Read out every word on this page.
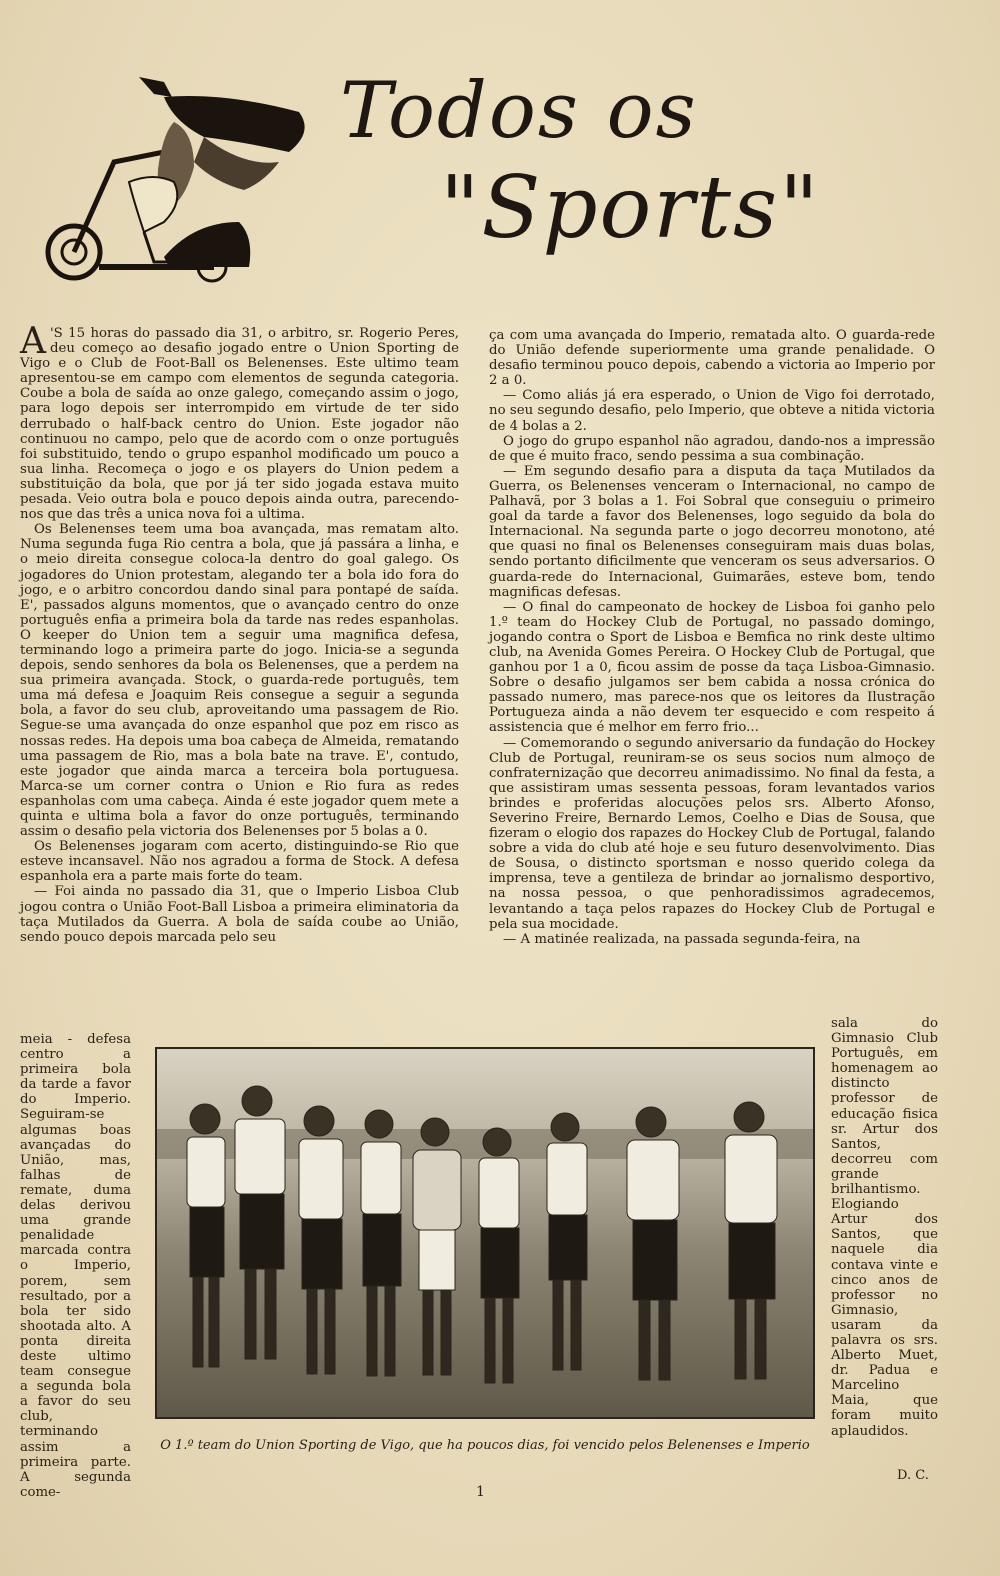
Todos os
"Sports"

A 'S 15 horas do passado dia 31, o arbitro, sr. Rogerio Peres, deu começo ao desafio jogado entre o Union Sporting de Vigo e o Club de Foot-Ball os Belenenses. Este ultimo team apresentou-se em campo com elementos de segunda categoria. Coube a bola de saída ao onze galego, começando assim o jogo, para logo depois ser interrompido em virtude de ter sido derrubado o half-back centro do Union. Este jogador não continuou no campo, pelo que de acordo com o onze português foi substituido, tendo o grupo espanhol modificado um pouco a sua linha. Recomeça o jogo e os players do Union pedem a substituição da bola, que por já ter sido jogada estava muito pesada. Veio outra bola e pouco depois ainda outra, parecendo-nos que das três a unica nova foi a ultima.

Os Belenenses teem uma boa avançada, mas rematam alto. Numa segunda fuga Rio centra a bola, que já passára a linha, e o meio direita consegue coloca-la dentro do goal galego. Os jogadores do Union protestam, alegando ter a bola ido fora do jogo, e o arbitro concordou dando sinal para pontapé de saída. E', passados alguns momentos, que o avançado centro do onze português enfia a primeira bola da tarde nas redes espanholas. O keeper do Union tem a seguir uma magnifica defesa, terminando logo a primeira parte do jogo. Inicia-se a segunda depois, sendo senhores da bola os Belenenses, que a perdem na sua primeira avançada. Stock, o guarda-rede português, tem uma má defesa e Joaquim Reis consegue a seguir a segunda bola, a favor do seu club, aproveitando uma passagem de Rio. Segue-se uma avançada do onze espanhol que poz em risco as nossas redes. Ha depois uma boa cabeça de Almeida, rematando uma passagem de Rio, mas a bola bate na trave. E', contudo, este jogador que ainda marca a terceira bola portuguesa. Marca-se um corner contra o Union e Rio fura as redes espanholas com uma cabeça. Ainda é este jogador quem mete a quinta e ultima bola a favor do onze português, terminando assim o desafio pela victoria dos Belenenses por 5 bolas a 0.

Os Belenenses jogaram com acerto, distinguindo-se Rio que esteve incansavel. Não nos agradou a forma de Stock. A defesa espanhola era a parte mais forte do team.

— Foi ainda no passado dia 31, que o Imperio Lisboa Club jogou contra o União Foot-Ball Lisboa a primeira eliminatoria da taça Mutilados da Guerra. A bola de saída coube ao União, sendo pouco depois marcada pelo seu

ça com uma avançada do Imperio, rematada alto. O guarda-rede do União defende superiormente uma grande penalidade. O desafio terminou pouco depois, cabendo a victoria ao Imperio por 2 a 0.

— Como aliás já era esperado, o Union de Vigo foi derrotado, no seu segundo desafio, pelo Imperio, que obteve a nitida victoria de 4 bolas a 2.

O jogo do grupo espanhol não agradou, dando-nos a impressão de que é muito fraco, sendo pessima a sua combinação.

— Em segundo desafio para a disputa da taça Mutilados da Guerra, os Belenenses venceram o Internacional, no campo de Palhavã, por 3 bolas a 1. Foi Sobral que conseguiu o primeiro goal da tarde a favor dos Belenenses, logo seguido da bola do Internacional. Na segunda parte o jogo decorreu monotono, até que quasi no final os Belenenses conseguiram mais duas bolas, sendo portanto dificilmente que venceram os seus adversarios. O guarda-rede do Internacional, Guimarães, esteve bom, tendo magnificas defesas.

— O final do campeonato de hockey de Lisboa foi ganho pelo 1.º team do Hockey Club de Portugal, no passado domingo, jogando contra o Sport de Lisboa e Bemfica no rink deste ultimo club, na Avenida Gomes Pereira. O Hockey Club de Portugal, que ganhou por 1 a 0, ficou assim de posse da taça Lisboa-Gimnasio. Sobre o desafio julgamos ser bem cabida a nossa crónica do passado numero, mas parece-nos que os leitores da Ilustração Portugueza ainda a não devem ter esquecido e com respeito á assistencia que é melhor em ferro frio...

— Comemorando o segundo aniversario da fundação do Hockey Club de Portugal, reuniram-se os seus socios num almoço de confraternização que decorreu animadissimo. No final da festa, a que assistiram umas sessenta pessoas, foram levantados varios brindes e proferidas alocuções pelos srs. Alberto Afonso, Severino Freire, Bernardo Lemos, Coelho e Dias de Sousa, que fizeram o elogio dos rapazes do Hockey Club de Portugal, falando sobre a vida do club até hoje e seu futuro desenvolvimento. Dias de Sousa, o distincto sportsman e nosso querido colega da imprensa, teve a gentileza de brindar ao jornalismo desportivo, na nossa pessoa, o que penhoradissimos agradecemos, levantando a taça pelos rapazes do Hockey Club de Portugal e pela sua mocidade.

— A matinée realizada, na passada segunda-feira, na

meia - defesa centro a primeira bola da tarde a favor do Imperio. Seguiram-se algumas boas avançadas do União, mas, falhas de remate, duma delas derivou uma grande penalidade marcada contra o Imperio, porem, sem resultado, por a bola ter sido shootada alto. A ponta direita deste ultimo team consegue a segunda bola a favor do seu club, terminando assim a primeira parte. A segunda come-

sala do Gimnasio Club Português, em homenagem ao distincto professor de educação fisica sr. Artur dos Santos, decorreu com grande brilhantismo. Elogiando Artur dos Santos, que naquele dia contava vinte e cinco anos de professor no Gimnasio, usaram da palavra os srs. Alberto Muet, dr. Padua e Marcelino Maia, que foram muito aplaudidos.

O 1.º team do Union Sporting de Vigo, que ha poucos dias, foi vencido pelos Belenenses e Imperio
D. C.
1
